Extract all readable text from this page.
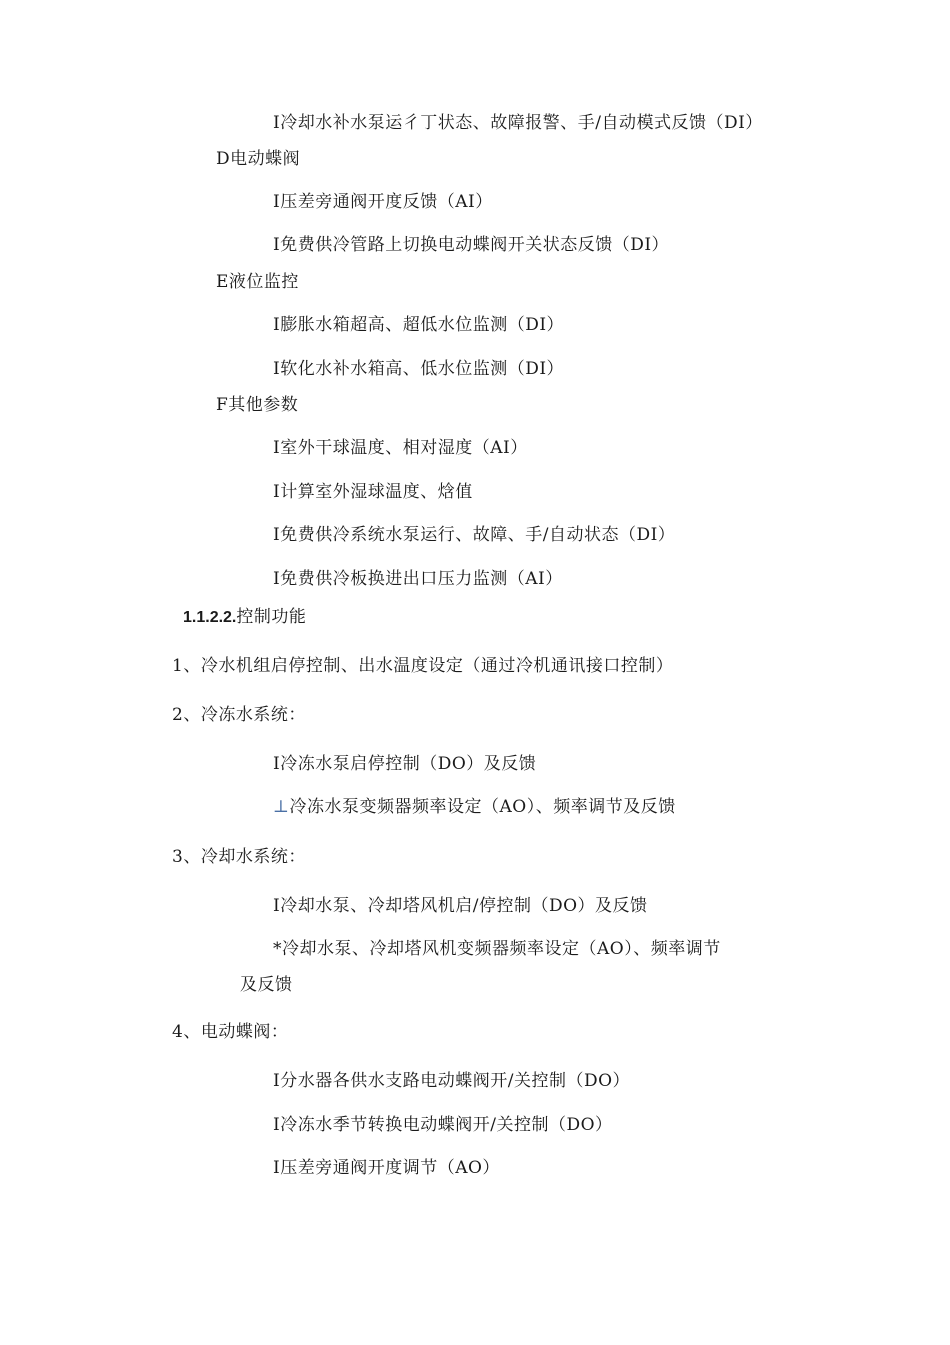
I冷却水补水泵运彳丁状态、故障报警、手/自动模式反馈（DI）
D电动蝶阀
I压差旁通阀开度反馈（AI）
I免费供冷管路上切换电动蝶阀开关状态反馈（DI）
E液位监控
I膨胀水箱超高、超低水位监测（DI）
I软化水补水箱高、低水位监测（DI）
F其他参数
I室外干球温度、相对湿度（AI）
I计算室外湿球温度、焓值
I免费供冷系统水泵运行、故障、手/自动状态（DI）
I免费供冷板换进出口压力监测（AI）
1.1.2.2.控制功能
1、冷水机组启停控制、出水温度设定（通过冷机通讯接口控制）
2、冷冻水系统：
I冷冻水泵启停控制（DO）及反馈
⊥冷冻水泵变频器频率设定（AO）、频率调节及反馈
3、冷却水系统：
I冷却水泵、冷却塔风机启/停控制（DO）及反馈
*冷却水泵、冷却塔风机变频器频率设定（AO）、频率调节
及反馈
4、电动蝶阀：
I分水器各供水支路电动蝶阀开/关控制（DO）
I冷冻水季节转换电动蝶阀开/关控制（DO）
I压差旁通阀开度调节（AO）
